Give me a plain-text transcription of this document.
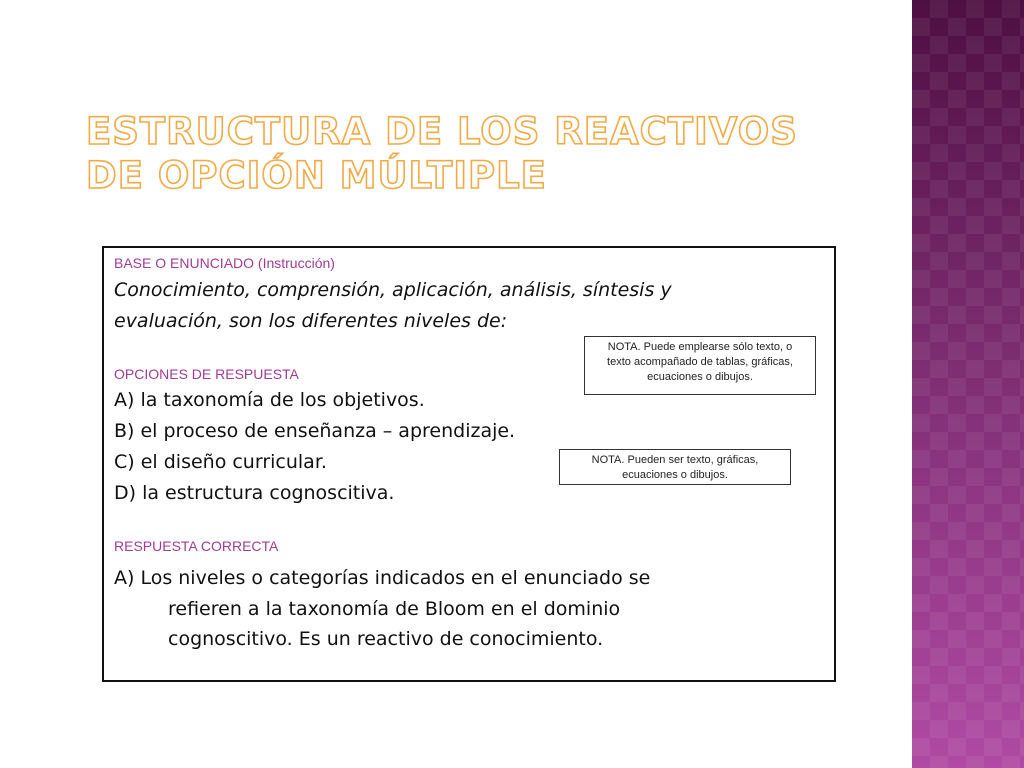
ESTRUCTURA DE LOS REACTIVOS DE OPCIÓN MÚLTIPLE
BASE O ENUNCIADO (Instrucción)
Conocimiento, comprensión, aplicación, análisis, síntesis y
evaluación, son los diferentes niveles de:
NOTA. Puede emplearse sólo texto, o
texto acompañado de tablas, gráficas,
ecuaciones o dibujos.
OPCIONES DE RESPUESTA
A) la taxonomía de los objetivos.
B) el proceso de enseñanza – aprendizaje.
C) el diseño curricular.
D) la estructura cognoscitiva.
NOTA. Pueden ser texto, gráficas,
ecuaciones o dibujos.
RESPUESTA CORRECTA
A) Los niveles o categorías indicados en el enunciado se
refieren a la taxonomía de Bloom en el dominio
cognoscitivo. Es un reactivo de conocimiento.
